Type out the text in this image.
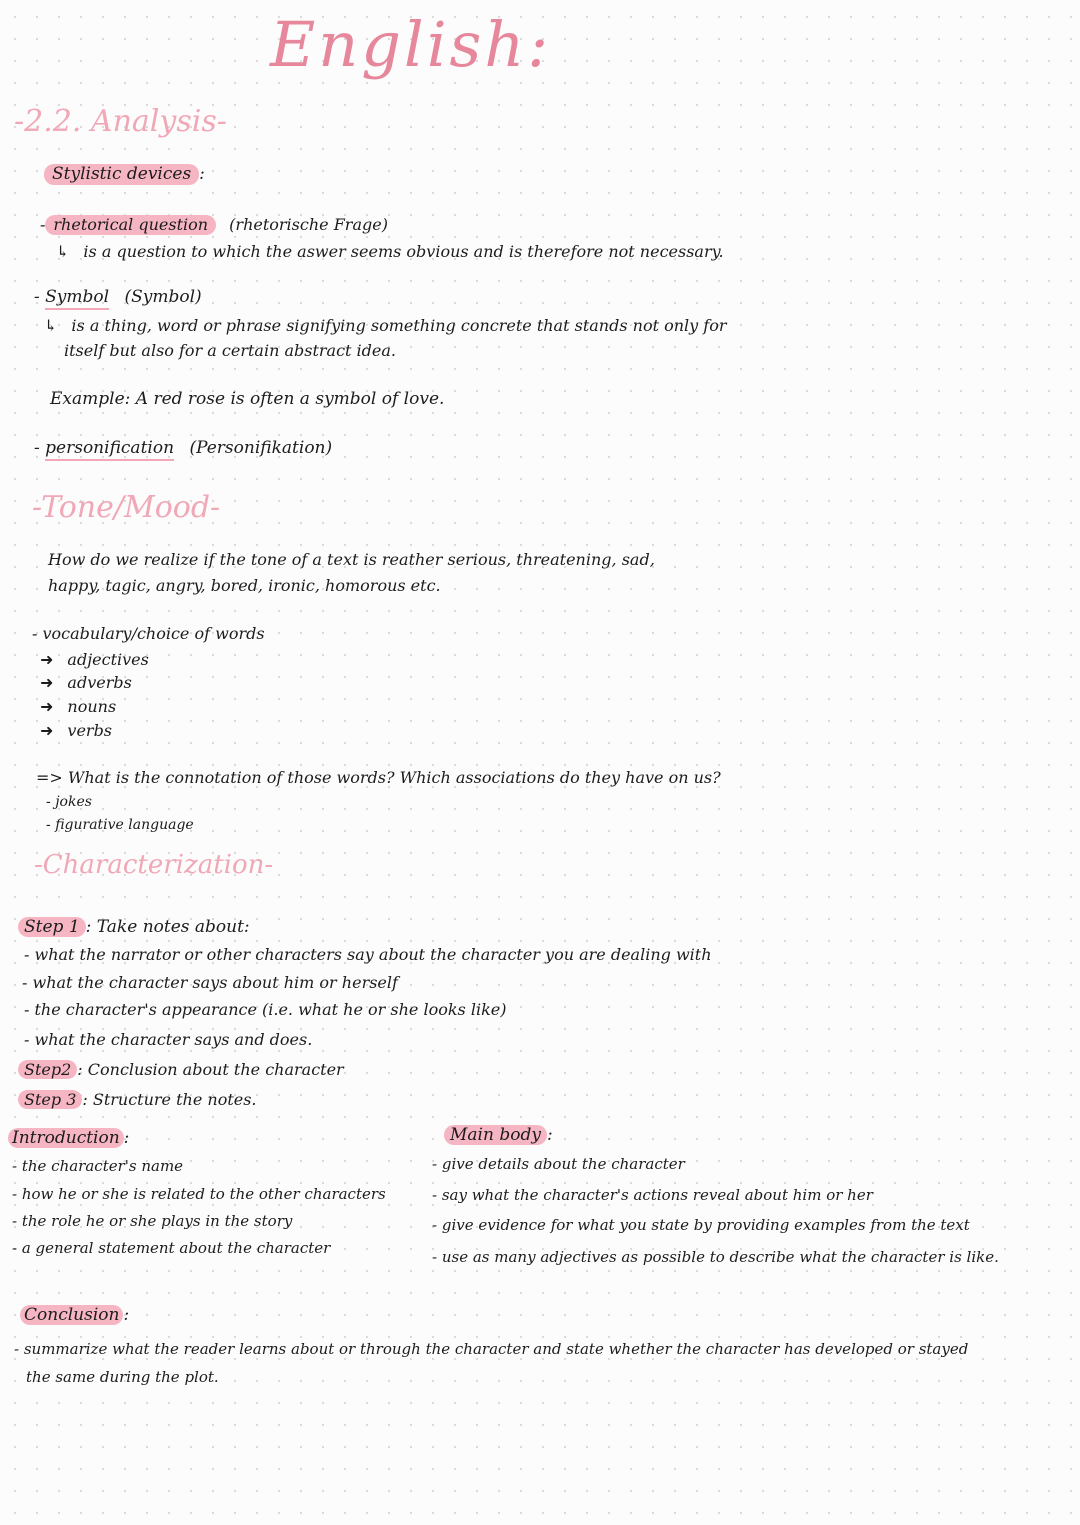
English:
-2.2. Analysis-
Stylistic devices :
- rhetorical question (rhetorische Frage)
↳ is a question to which the aswer seems obvious and is therefore not necessary.
- Symbol (Symbol)
↳ is a thing, word or phrase signifying something concrete that stands not only for
itself but also for a certain abstract idea.
Example: A red rose is often a symbol of love.
- personification (Personifikation)
-Tone/Mood-
How do we realize if the tone of a text is reather serious, threatening, sad,
happy, tagic, angry, bored, ironic, homorous etc.
- vocabulary/choice of words
➜ adjectives
➜ adverbs
➜ nouns
➜ verbs
=> What is the connotation of those words? Which associations do they have on us?
- jokes
- figurative language
-Characterization-
Step 1 : Take notes about:
- what the narrator or other characters say about the character you are dealing with
- what the character says about him or herself
- the character's appearance (i.e. what he or she looks like)
- what the character says and does.
Step2 : Conclusion about the character
Step 3 : Structure the notes.
Introduction :
- the character's name
- how he or she is related to the other characters
- the role he or she plays in the story
- a general statement about the character
Main body :
- give details about the character
- say what the character's actions reveal about him or her
- give evidence for what you state by providing examples from the text
- use as many adjectives as possible to describe what the character is like.
Conclusion :
- summarize what the reader learns about or through the character and state whether the character has developed or stayed
the same during the plot.
